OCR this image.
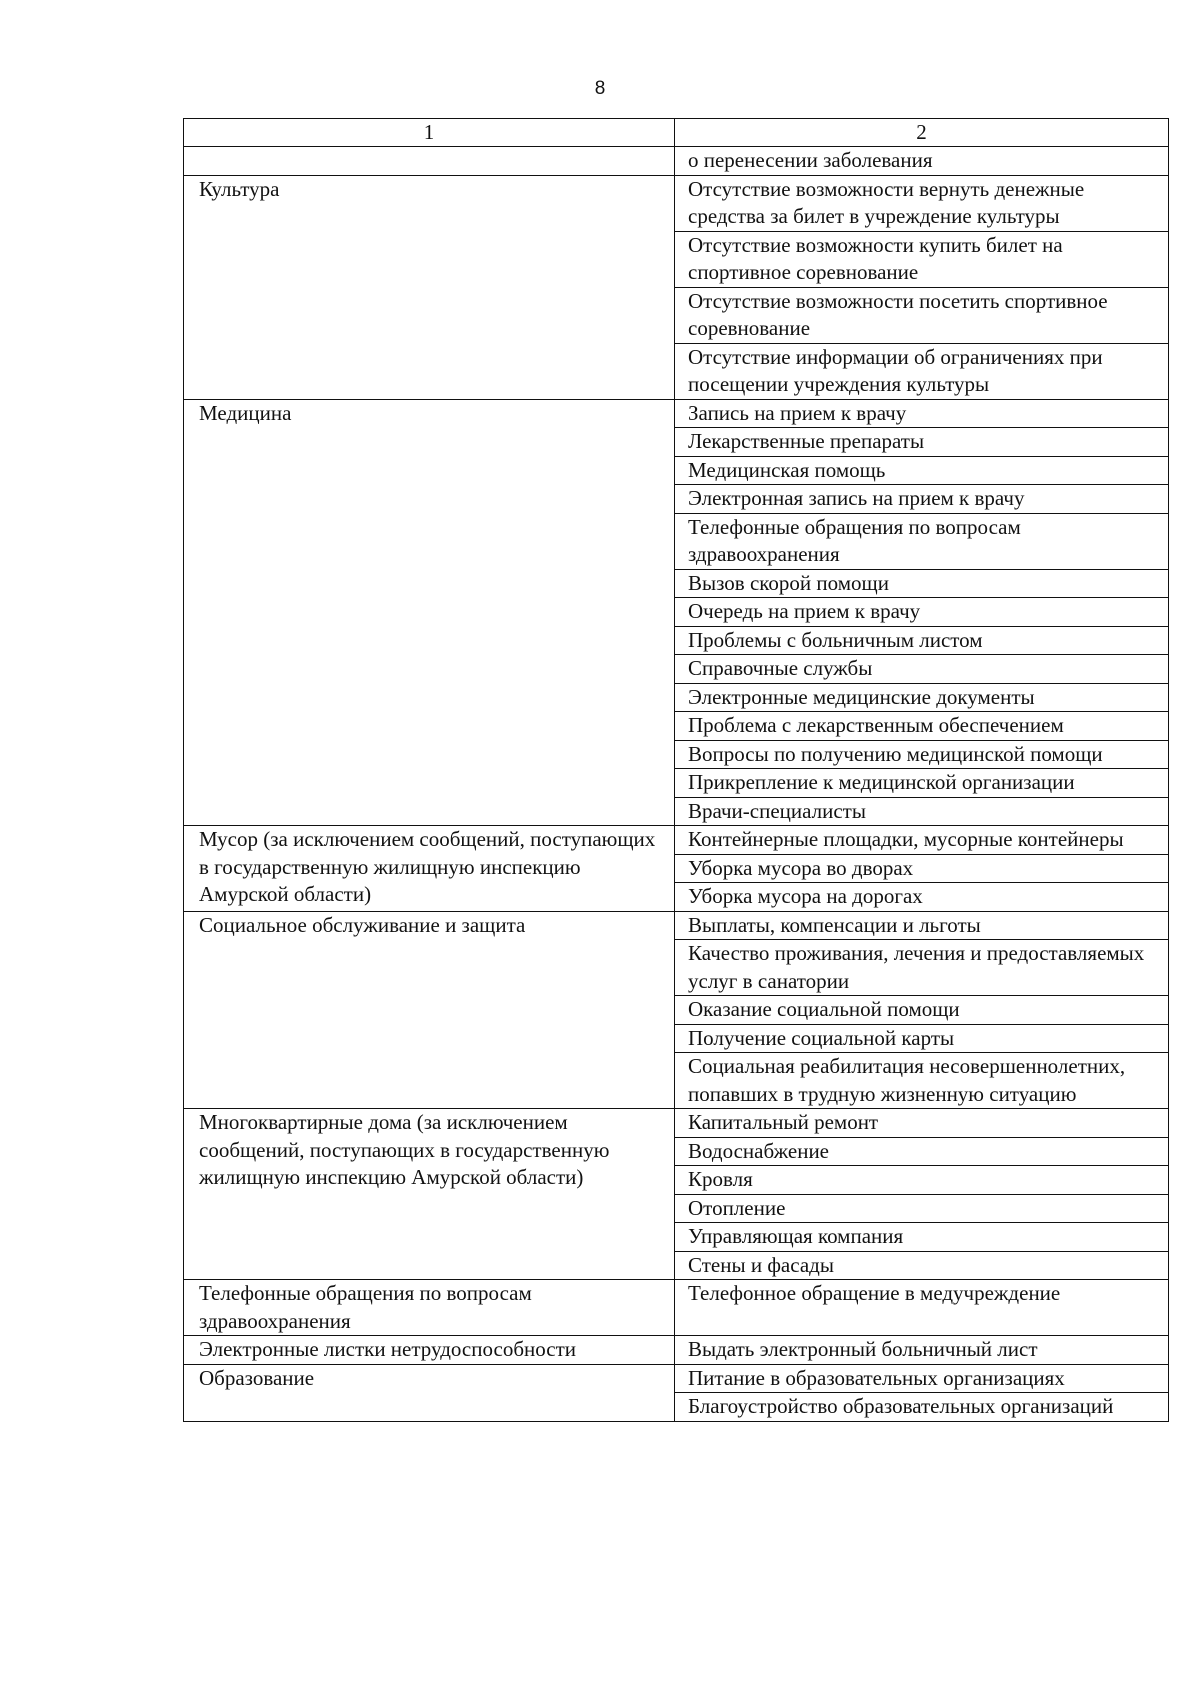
8
1	2
	о перенесении заболевания
Культура	Отсутствие возможности вернуть денежные средства за билет в учреждение культуры
	Отсутствие возможности купить билет на спортивное соревнование
	Отсутствие возможности посетить спортивное соревнование
	Отсутствие информации об ограничениях при посещении учреждения культуры
Медицина	Запись на прием к врачу
	Лекарственные препараты
	Медицинская помощь
	Электронная запись на прием к врачу
	Телефонные обращения по вопросам здравоохранения
	Вызов скорой помощи
	Очередь на прием к врачу
	Проблемы с больничным листом
	Справочные службы
	Электронные медицинские документы
	Проблема с лекарственным обеспечением
	Вопросы по получению медицинской помощи
	Прикрепление к медицинской организации
	Врачи-специалисты
Мусор (за исключением сообщений, поступающих в государственную жилищную инспекцию Амурской области)	Контейнерные площадки, мусорные контейнеры
	Уборка мусора во дворах
	Уборка мусора на дорогах
Социальное обслуживание и защита	Выплаты, компенсации и льготы
	Качество проживания, лечения и предоставляемых услуг в санатории
	Оказание социальной помощи
	Получение социальной карты
	Социальная реабилитация несовершеннолетних, попавших в трудную жизненную ситуацию
Многоквартирные дома (за исключением сообщений, поступающих в государственную жилищную инспекцию Амурской области)	Капитальный ремонт
	Водоснабжение
	Кровля
	Отопление
	Управляющая компания
	Стены и фасады
Телефонные обращения по вопросам здравоохранения	Телефонное обращение в медучреждение
Электронные листки нетрудоспособности	Выдать электронный больничный лист
Образование	Питание в образовательных организациях
	Благоустройство образовательных организаций
